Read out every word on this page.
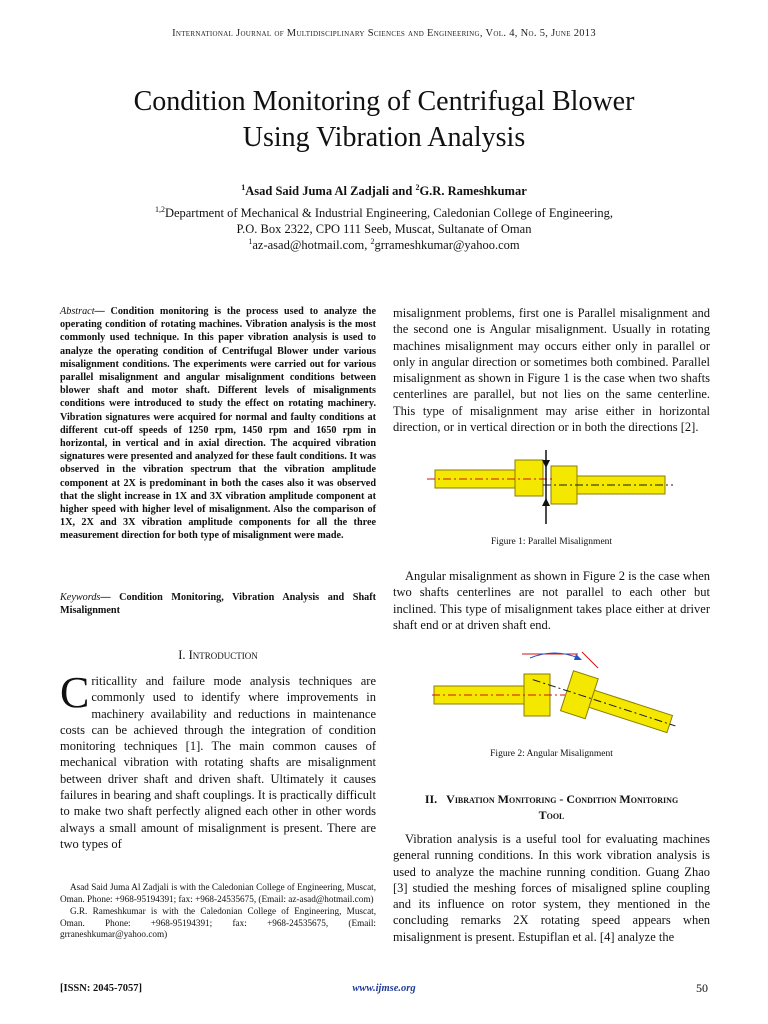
International Journal of Multidisciplinary Sciences and Engineering, Vol. 4, No. 5, June 2013
Condition Monitoring of Centrifugal Blower
Using Vibration Analysis
$^1$Asad Said Juma Al Zadjali and $^2$G.R. Rameshkumar
$^{1,2}$Department of Mechanical & Industrial Engineering, Caledonian College of Engineering,
P.O. Box 2322, CPO 111 Seeb, Muscat, Sultanate of Oman
$^1$az-asad@hotmail.com, $^2$grrameshkumar@yahoo.com
Abstract— Condition monitoring is the process used to analyze the operating condition of rotating machines. Vibration analysis is the most commonly used technique. In this paper vibration analysis is used to analyze the operating condition of Centrifugal Blower under various misalignment conditions. The experiments were carried out for various parallel misalignment and angular misalignment conditions between blower shaft and motor shaft. Different levels of misalignments conditions were introduced to study the effect on rotating machinery. Vibration signatures were acquired for normal and faulty conditions at different cut-off speeds of 1250 rpm, 1450 rpm and 1650 rpm in horizontal, in vertical and in axial direction. The acquired vibration signatures were presented and analyzed for these fault conditions. It was observed in the vibration spectrum that the vibration amplitude component at 2X is predominant in both the cases also it was observed that the slight increase in 1X and 3X vibration amplitude component at higher speed with higher level of misalignment. Also the comparison of 1X, 2X and 3X vibration amplitude components for all the three measurement direction for both type of misalignment were made.
Keywords— Condition Monitoring, Vibration Analysis and Shaft Misalignment
I. Introduction
Criticallity and failure mode analysis techniques are commonly used to identify where improvements in machinery availability and reductions in maintenance costs can be achieved through the integration of condition monitoring techniques [1]. The main common causes of mechanical vibration with rotating shafts are misalignment between driver shaft and driven shaft. Ultimately it causes failures in bearing and shaft couplings. It is practically difficult to make two shaft perfectly aligned each other in other words always a small amount of misalignment is present. There are two types of

Asad Said Juma Al Zadjali is with the Caledonian College of Engineering, Muscat, Oman. Phone: +968-95194391; fax: +968-24535675, (Email: az-asad@hotmail.com)

G.R. Rameshkumar is with the Caledonian College of Engineering, Muscat, Oman. Phone: +968-95194391; fax: +968-24535675, (Email: grraneshkumar@yahoo.com)

misalignment problems, first one is Parallel misalignment and the second one is Angular misalignment. Usually in rotating machines misalignment may occurs either only in parallel or only in angular direction or sometimes both combined. Parallel misalignment as shown in Figure 1 is the case when two shafts centerlines are parallel, but not lies on the same centerline. This type of misalignment may arise either in horizontal direction, or in vertical direction or in both the directions [2].
Figure 1: Parallel Misalignment
Angular misalignment as shown in Figure 2 is the case when two shafts centerlines are not parallel to each other but inclined. This type of misalignment takes place either at driver shaft end or at driven shaft end.
Figure 2: Angular Misalignment
II. Vibration Monitoring - Condition Monitoring
Tool
Vibration analysis is a useful tool for evaluating machines general running conditions. In this work vibration analysis is used to analyze the machine running condition. Guang Zhao [3] studied the meshing forces of misaligned spline coupling and its influence on rotor system, they mentioned in the concluding remarks 2X rotating speed appears when misalignment is present. Estupiflan et al. [4] analyze the
[ISSN: 2045-7057]	www.ijmse.org	50
